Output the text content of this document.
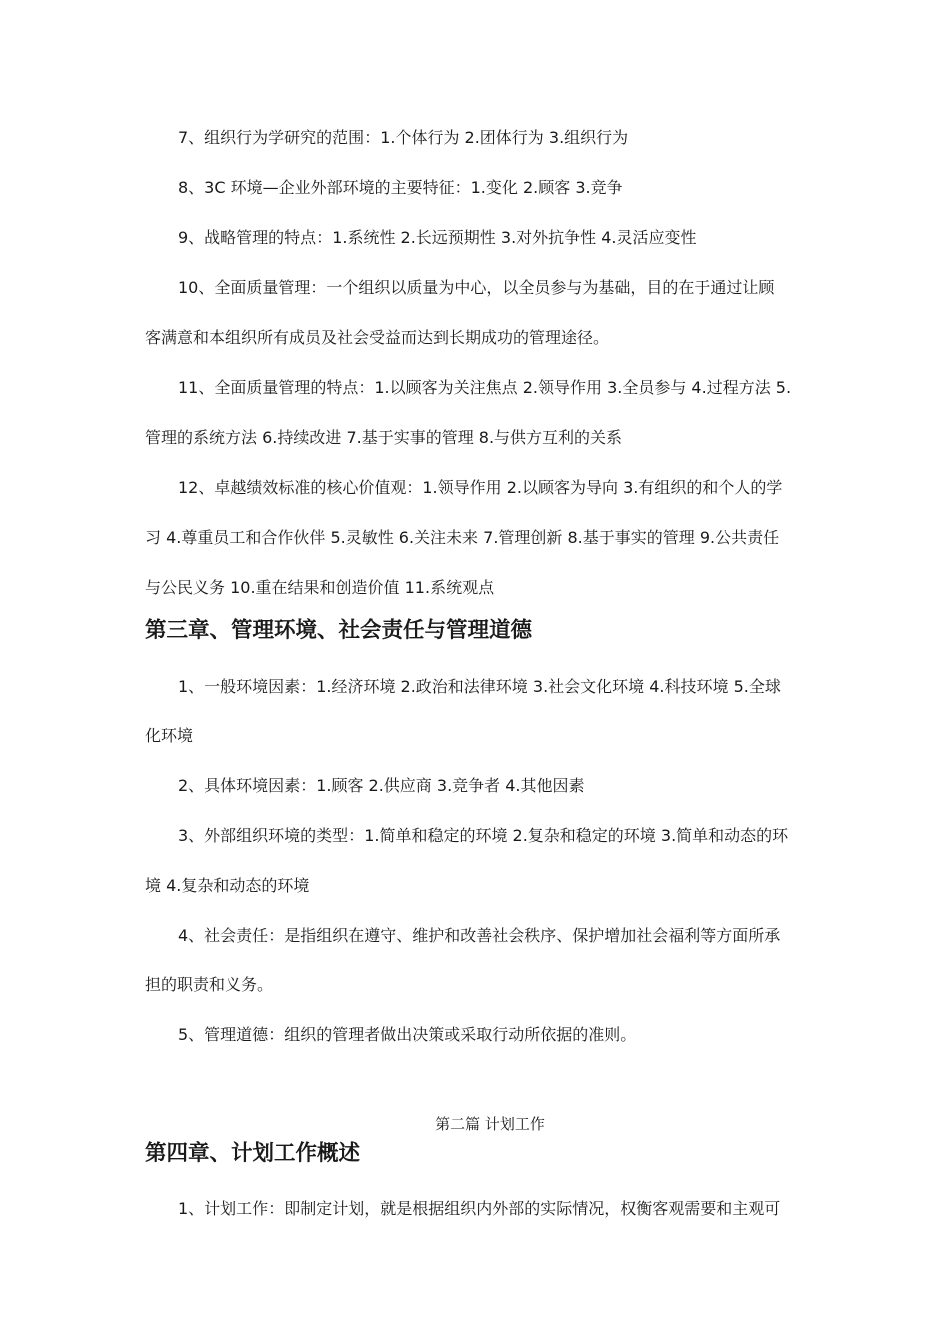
7、组织行为学研究的范围：1.个体行为 2.团体行为 3.组织行为
8、3C 环境—企业外部环境的主要特征：1.变化 2.顾客 3.竞争
9、战略管理的特点：1.系统性 2.长远预期性 3.对外抗争性 4.灵活应变性
10、全面质量管理：一个组织以质量为中心，以全员参与为基础，目的在于通过让顾
客满意和本组织所有成员及社会受益而达到长期成功的管理途径。
11、全面质量管理的特点：1.以顾客为关注焦点 2.领导作用 3.全员参与 4.过程方法 5.
管理的系统方法 6.持续改进 7.基于实事的管理 8.与供方互利的关系
12、卓越绩效标准的核心价值观：1.领导作用 2.以顾客为导向 3.有组织的和个人的学
习 4.尊重员工和合作伙伴 5.灵敏性 6.关注未来 7.管理创新 8.基于事实的管理 9.公共责任
与公民义务 10.重在结果和创造价值 11.系统观点
第三章、管理环境、社会责任与管理道德
1、一般环境因素：1.经济环境 2.政治和法律环境 3.社会文化环境 4.科技环境 5.全球
化环境
2、具体环境因素：1.顾客 2.供应商 3.竞争者 4.其他因素
3、外部组织环境的类型：1.简单和稳定的环境 2.复杂和稳定的环境 3.简单和动态的环
境 4.复杂和动态的环境
4、社会责任：是指组织在遵守、维护和改善社会秩序、保护增加社会福利等方面所承
担的职责和义务。
5、管理道德：组织的管理者做出决策或采取行动所依据的准则。
第二篇 计划工作
第四章、计划工作概述
1、计划工作：即制定计划，就是根据组织内外部的实际情况，权衡客观需要和主观可
